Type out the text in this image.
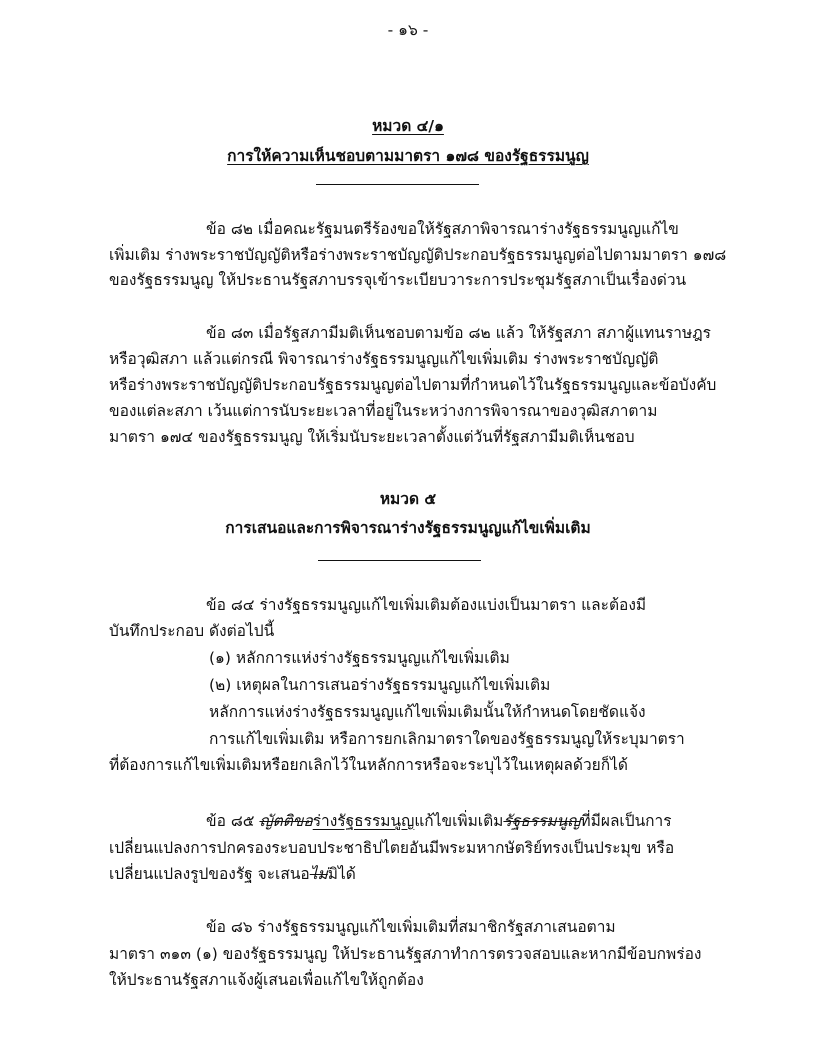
- ๑๖ -
หมวด ๔/๑
การให้ความเห็นชอบตามมาตรา ๑๗๘ ของรัฐธรรมนูญ
ข้อ ๘๒ เมื่อคณะรัฐมนตรีร้องขอให้รัฐสภาพิจารณาร่างรัฐธรรมนูญแก้ไข
เพิ่มเติม ร่างพระราชบัญญัติหรือร่างพระราชบัญญัติประกอบรัฐธรรมนูญต่อไปตามมาตรา ๑๗๘
ของรัฐธรรมนูญ ให้ประธานรัฐสภาบรรจุเข้าระเบียบวาระการประชุมรัฐสภาเป็นเรื่องด่วน
ข้อ ๘๓ เมื่อรัฐสภามีมติเห็นชอบตามข้อ ๘๒ แล้ว ให้รัฐสภา สภาผู้แทนราษฎร
หรือวุฒิสภา แล้วแต่กรณี พิจารณาร่างรัฐธรรมนูญแก้ไขเพิ่มเติม ร่างพระราชบัญญัติ
หรือร่างพระราชบัญญัติประกอบรัฐธรรมนูญต่อไปตามที่กำหนดไว้ในรัฐธรรมนูญและข้อบังคับ
ของแต่ละสภา เว้นแต่การนับระยะเวลาที่อยู่ในระหว่างการพิจารณาของวุฒิสภาตาม
มาตรา ๑๗๔ ของรัฐธรรมนูญ ให้เริ่มนับระยะเวลาตั้งแต่วันที่รัฐสภามีมติเห็นชอบ
หมวด ๕
การเสนอและการพิจารณาร่างรัฐธรรมนูญแก้ไขเพิ่มเติม
ข้อ ๘๔ ร่างรัฐธรรมนูญแก้ไขเพิ่มเติมต้องแบ่งเป็นมาตรา และต้องมี
บันทึกประกอบ ดังต่อไปนี้
(๑) หลักการแห่งร่างรัฐธรรมนูญแก้ไขเพิ่มเติม
(๒) เหตุผลในการเสนอร่างรัฐธรรมนูญแก้ไขเพิ่มเติม
หลักการแห่งร่างรัฐธรรมนูญแก้ไขเพิ่มเติมนั้นให้กำหนดโดยชัดแจ้ง
การแก้ไขเพิ่มเติม หรือการยกเลิกมาตราใดของรัฐธรรมนูญให้ระบุมาตรา
ที่ต้องการแก้ไขเพิ่มเติมหรือยกเลิกไว้ในหลักการหรือจะระบุไว้ในเหตุผลด้วยก็ได้
ข้อ ๘๕ ญัตติขอร่างรัฐธรรมนูญแก้ไขเพิ่มเติมรัฐธรรมนูญที่มีผลเป็นการ
เปลี่ยนแปลงการปกครองระบอบประชาธิปไตยอันมีพระมหากษัตริย์ทรงเป็นประมุข หรือ
เปลี่ยนแปลงรูปของรัฐ จะเสนอไม่มิได้
ข้อ ๘๖ ร่างรัฐธรรมนูญแก้ไขเพิ่มเติมที่สมาชิกรัฐสภาเสนอตาม
มาตรา ๓๑๓ (๑) ของรัฐธรรมนูญ ให้ประธานรัฐสภาทำการตรวจสอบและหากมีข้อบกพร่อง
ให้ประธานรัฐสภาแจ้งผู้เสนอเพื่อแก้ไขให้ถูกต้อง
